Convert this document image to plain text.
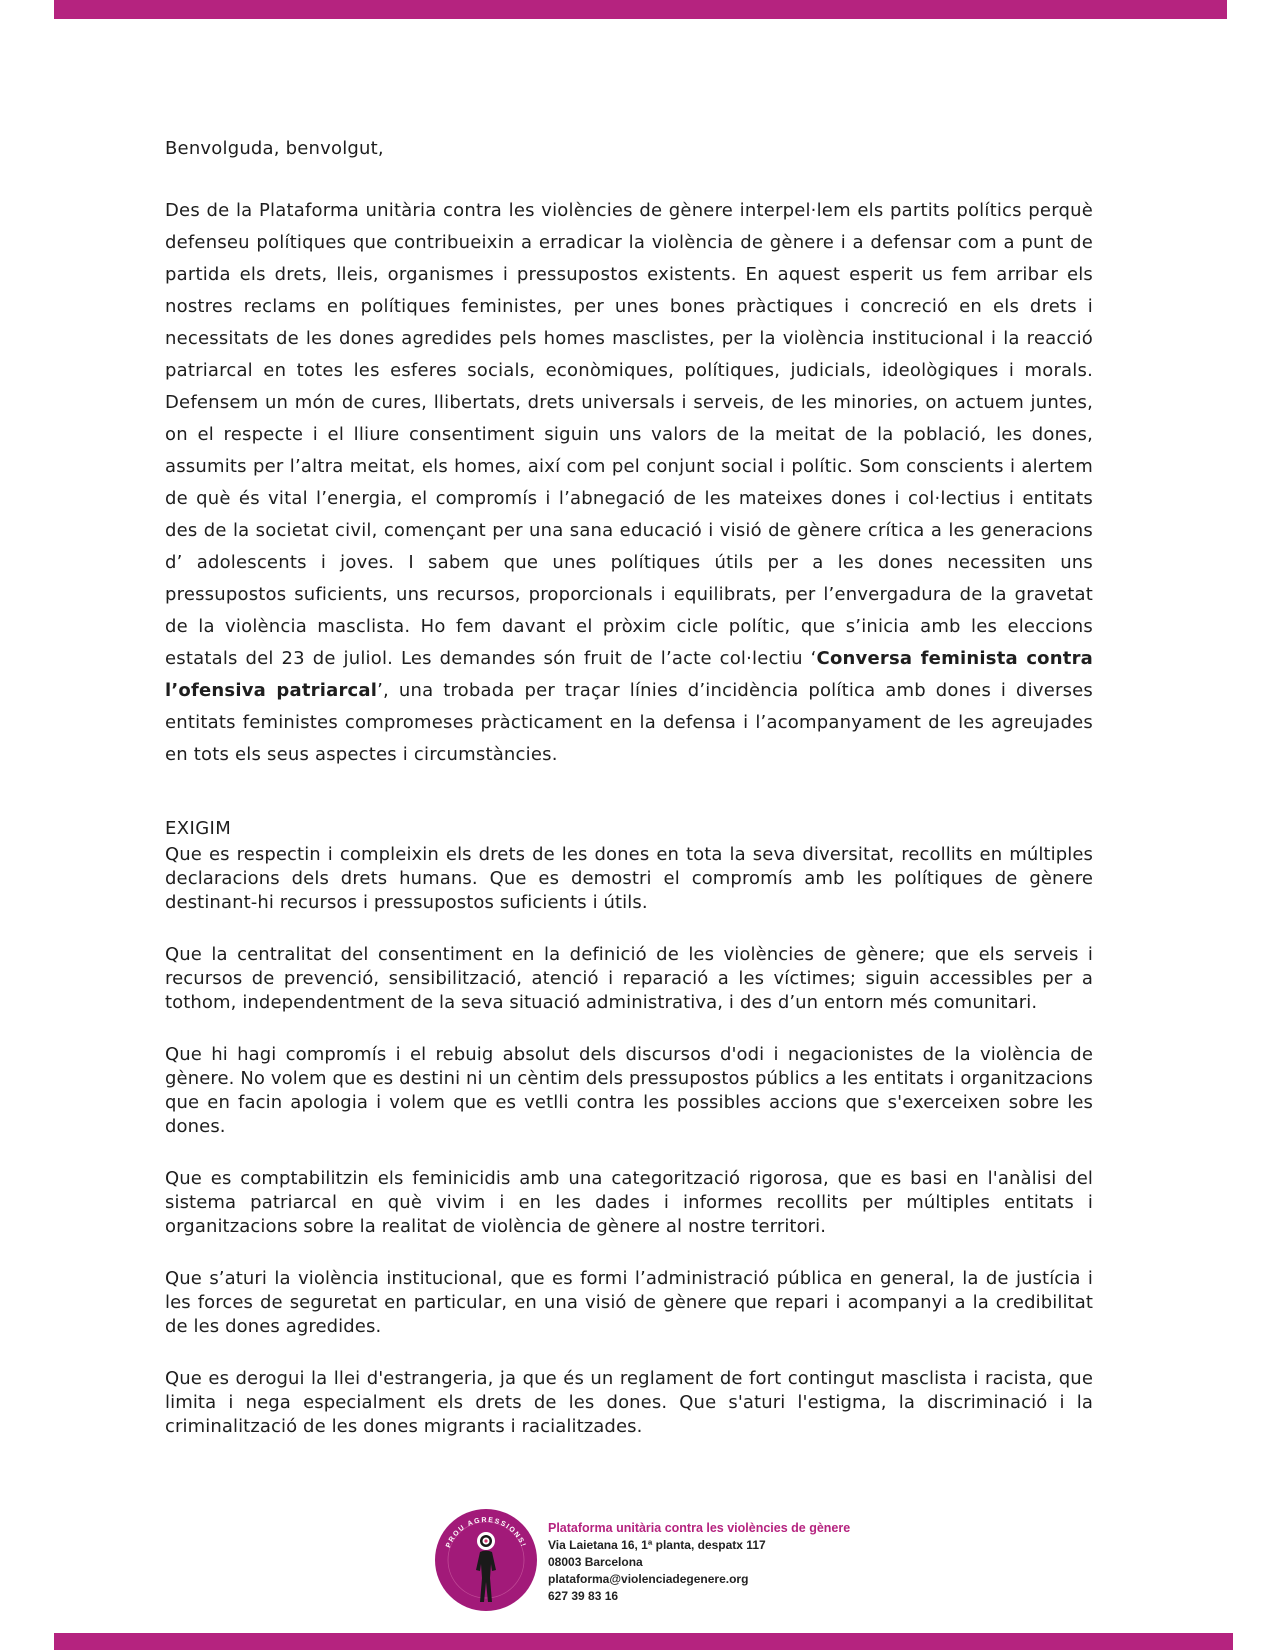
Benvolguda, benvolgut,

Des de la Plataforma unitària contra les violències de gènere interpel·lem els partits polítics perquè defenseu polítiques que contribueixin a erradicar la violència de gènere i a defensar com a punt de partida els drets, lleis, organismes i pressupostos existents. En aquest esperit us fem arribar els nostres reclams en polítiques feministes, per unes bones pràctiques i concreció en els drets i necessitats de les dones agredides pels homes masclistes, per la violència institucional i la reacció patriarcal en totes les esferes socials, econòmiques, polítiques, judicials, ideològiques i morals. Defensem un món de cures, llibertats, drets universals i serveis, de les minories, on actuem juntes, on el respecte i el lliure consentiment siguin uns valors de la meitat de la població, les dones, assumits per l’altra meitat, els homes, així com pel conjunt social i polític. Som conscients i alertem de què és vital l’energia, el compromís i l’abnegació de les mateixes dones i col·lectius i entitats des de la societat civil, començant per una sana educació i visió de gènere crítica a les generacions d’ adolescents i joves. I sabem que unes polítiques útils per a les dones necessiten uns pressupostos suficients, uns recursos, proporcionals i equilibrats, per l’envergadura de la gravetat de la violència masclista. Ho fem davant el pròxim cicle polític, que s’inicia amb les eleccions estatals del 23 de juliol. Les demandes són fruit de l’acte col·lectiu ‘Conversa feminista contra l’ofensiva patriarcal’, una trobada per traçar línies d’incidència política amb dones i diverses entitats feministes compromeses pràcticament en la defensa i l’acompanyament de les agreujades en tots els seus aspectes i circumstàncies.

EXIGIM

Que es respectin i compleixin els drets de les dones en tota la seva diversitat, recollits en múltiples declaracions dels drets humans. Que es demostri el compromís amb les polítiques de gènere destinant-hi recursos i pressupostos suficients i útils.

Que la centralitat del consentiment en la definició de les violències de gènere; que els serveis i recursos de prevenció, sensibilització, atenció i reparació a les víctimes; siguin accessibles per a tothom, independentment de la seva situació administrativa, i des d’un entorn més comunitari.

Que hi hagi compromís i el rebuig absolut dels discursos d'odi i negacionistes de la violència de gènere. No volem que es destini ni un cèntim dels pressupostos públics a les entitats i organitzacions que en facin apologia i volem que es vetlli contra les possibles accions que s'exerceixen sobre les dones.

Que es comptabilitzin els feminicidis amb una categorització rigorosa, que es basi en l'anàlisi del sistema patriarcal en què vivim i en les dades i informes recollits per múltiples entitats i organitzacions sobre la realitat de violència de gènere al nostre territori.

Que s’aturi la violència institucional, que es formi l’administració pública en general, la de justícia i les forces de seguretat en particular, en una visió de gènere que repari i acompanyi a la credibilitat de les dones agredides.

Que es derogui la llei d'estrangeria, ja que és un reglament de fort contingut masclista i racista, que limita i nega especialment els drets de les dones. Que s'aturi l'estigma, la discriminació i la criminalització de les dones migrants i racialitzades.

PROU AGRESSIONS!
Plataforma unitària contra les violències de gènere
Via Laietana 16, 1ª planta, despatx 117
08003 Barcelona
plataforma@violenciadegenere.org
627 39 83 16
